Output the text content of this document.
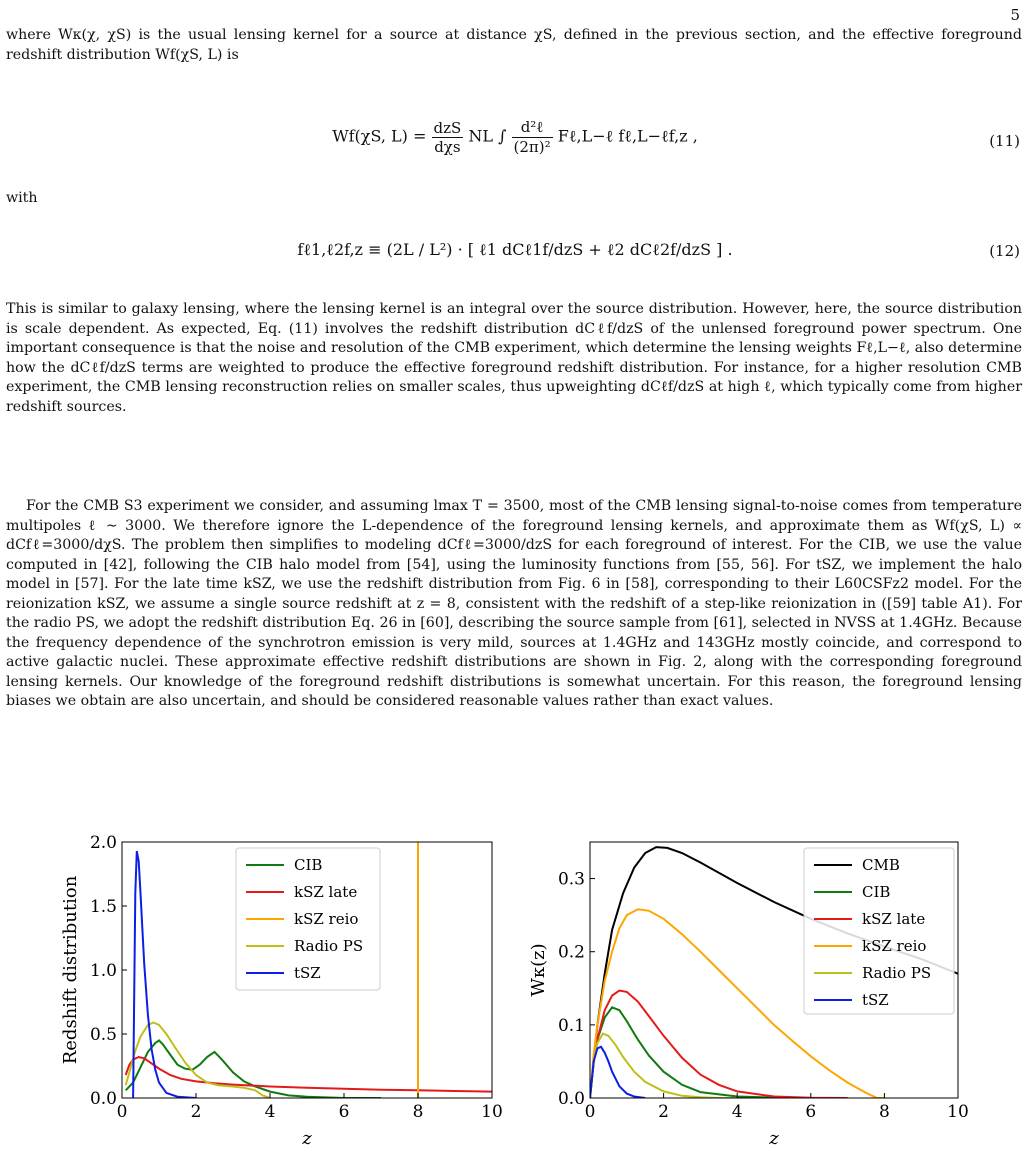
5

where Wκ(χ, χS) is the usual lensing kernel for a source at distance χS, defined in the previous section, and the effective foreground redshift distribution Wf(χS, L) is

Wf(χS, $L) = \frac{\text{dzS}}{\text{dχs}}$ NL ∫ $\frac{\text{d²ℓ}}{\text{(2π)²}}$ Fℓ,L−ℓ fℓ,L−ℓf,z ,	(11)
with
fℓ1,ℓ2f,z ≡ (2L / L²) · [ ℓ1 dCℓ1f/dzS + ℓ2 dCℓ2f/dzS ] .	(12)

This is similar to galaxy lensing, where the lensing kernel is an integral over the source distribution. However, here, the source distribution is scale dependent. As expected, Eq. (11) involves the redshift distribution dCℓf/dzS of the unlensed foreground power spectrum. One important consequence is that the noise and resolution of the CMB experiment, which determine the lensing weights Fℓ,L−ℓ, also determine how the dCℓf/dzS terms are weighted to produce the effective foreground redshift distribution. For instance, for a higher resolution CMB experiment, the CMB lensing reconstruction relies on smaller scales, thus upweighting dCℓf/dzS at high ℓ, which typically come from higher redshift sources.

For the CMB S3 experiment we consider, and assuming lmax T = 3500, most of the CMB lensing signal-to-noise comes from temperature multipoles ℓ ∼ 3000. We therefore ignore the L-dependence of the foreground lensing kernels, and approximate them as Wf(χS, L) ∝ dCfℓ=3000/dχS. The problem then simplifies to modeling dCfℓ=3000/dzS for each foreground of interest. For the CIB, we use the value computed in [42], following the CIB halo model from [54], using the luminosity functions from [55, 56]. For tSZ, we implement the halo model in [57]. For the late time kSZ, we use the redshift distribution from Fig. 6 in [58], corresponding to their L60CSFz2 model. For the reionization kSZ, we assume a single source redshift at z = 8, consistent with the redshift of a step-like reionization in ([59] table A1). For the radio PS, we adopt the redshift distribution Eq. 26 in [60], describing the source sample from [61], selected in NVSS at 1.4GHz. Because the frequency dependence of the synchrotron emission is very mild, sources at 1.4GHz and 143GHz mostly coincide, and correspond to active galactic nuclei. These approximate effective redshift distributions are shown in Fig. 2, along with the corresponding foreground lensing kernels. Our knowledge of the foreground redshift distributions is somewhat uncertain. For this reason, the foreground lensing biases we obtain are also uncertain, and should be considered reasonable values rather than exact values.

0	2	4	6	8	10
0.0
0.5
1.0
1.5
2.0
z
Redshift distribution
CIB
kSZ late
kSZ reio
Radio PS
tSZ
0	2	4	6	8	10
0.0
0.1
0.2
0.3
z
Wκ(z)
CMB
CIB
kSZ late
kSZ reio
Radio PS
tSZ
